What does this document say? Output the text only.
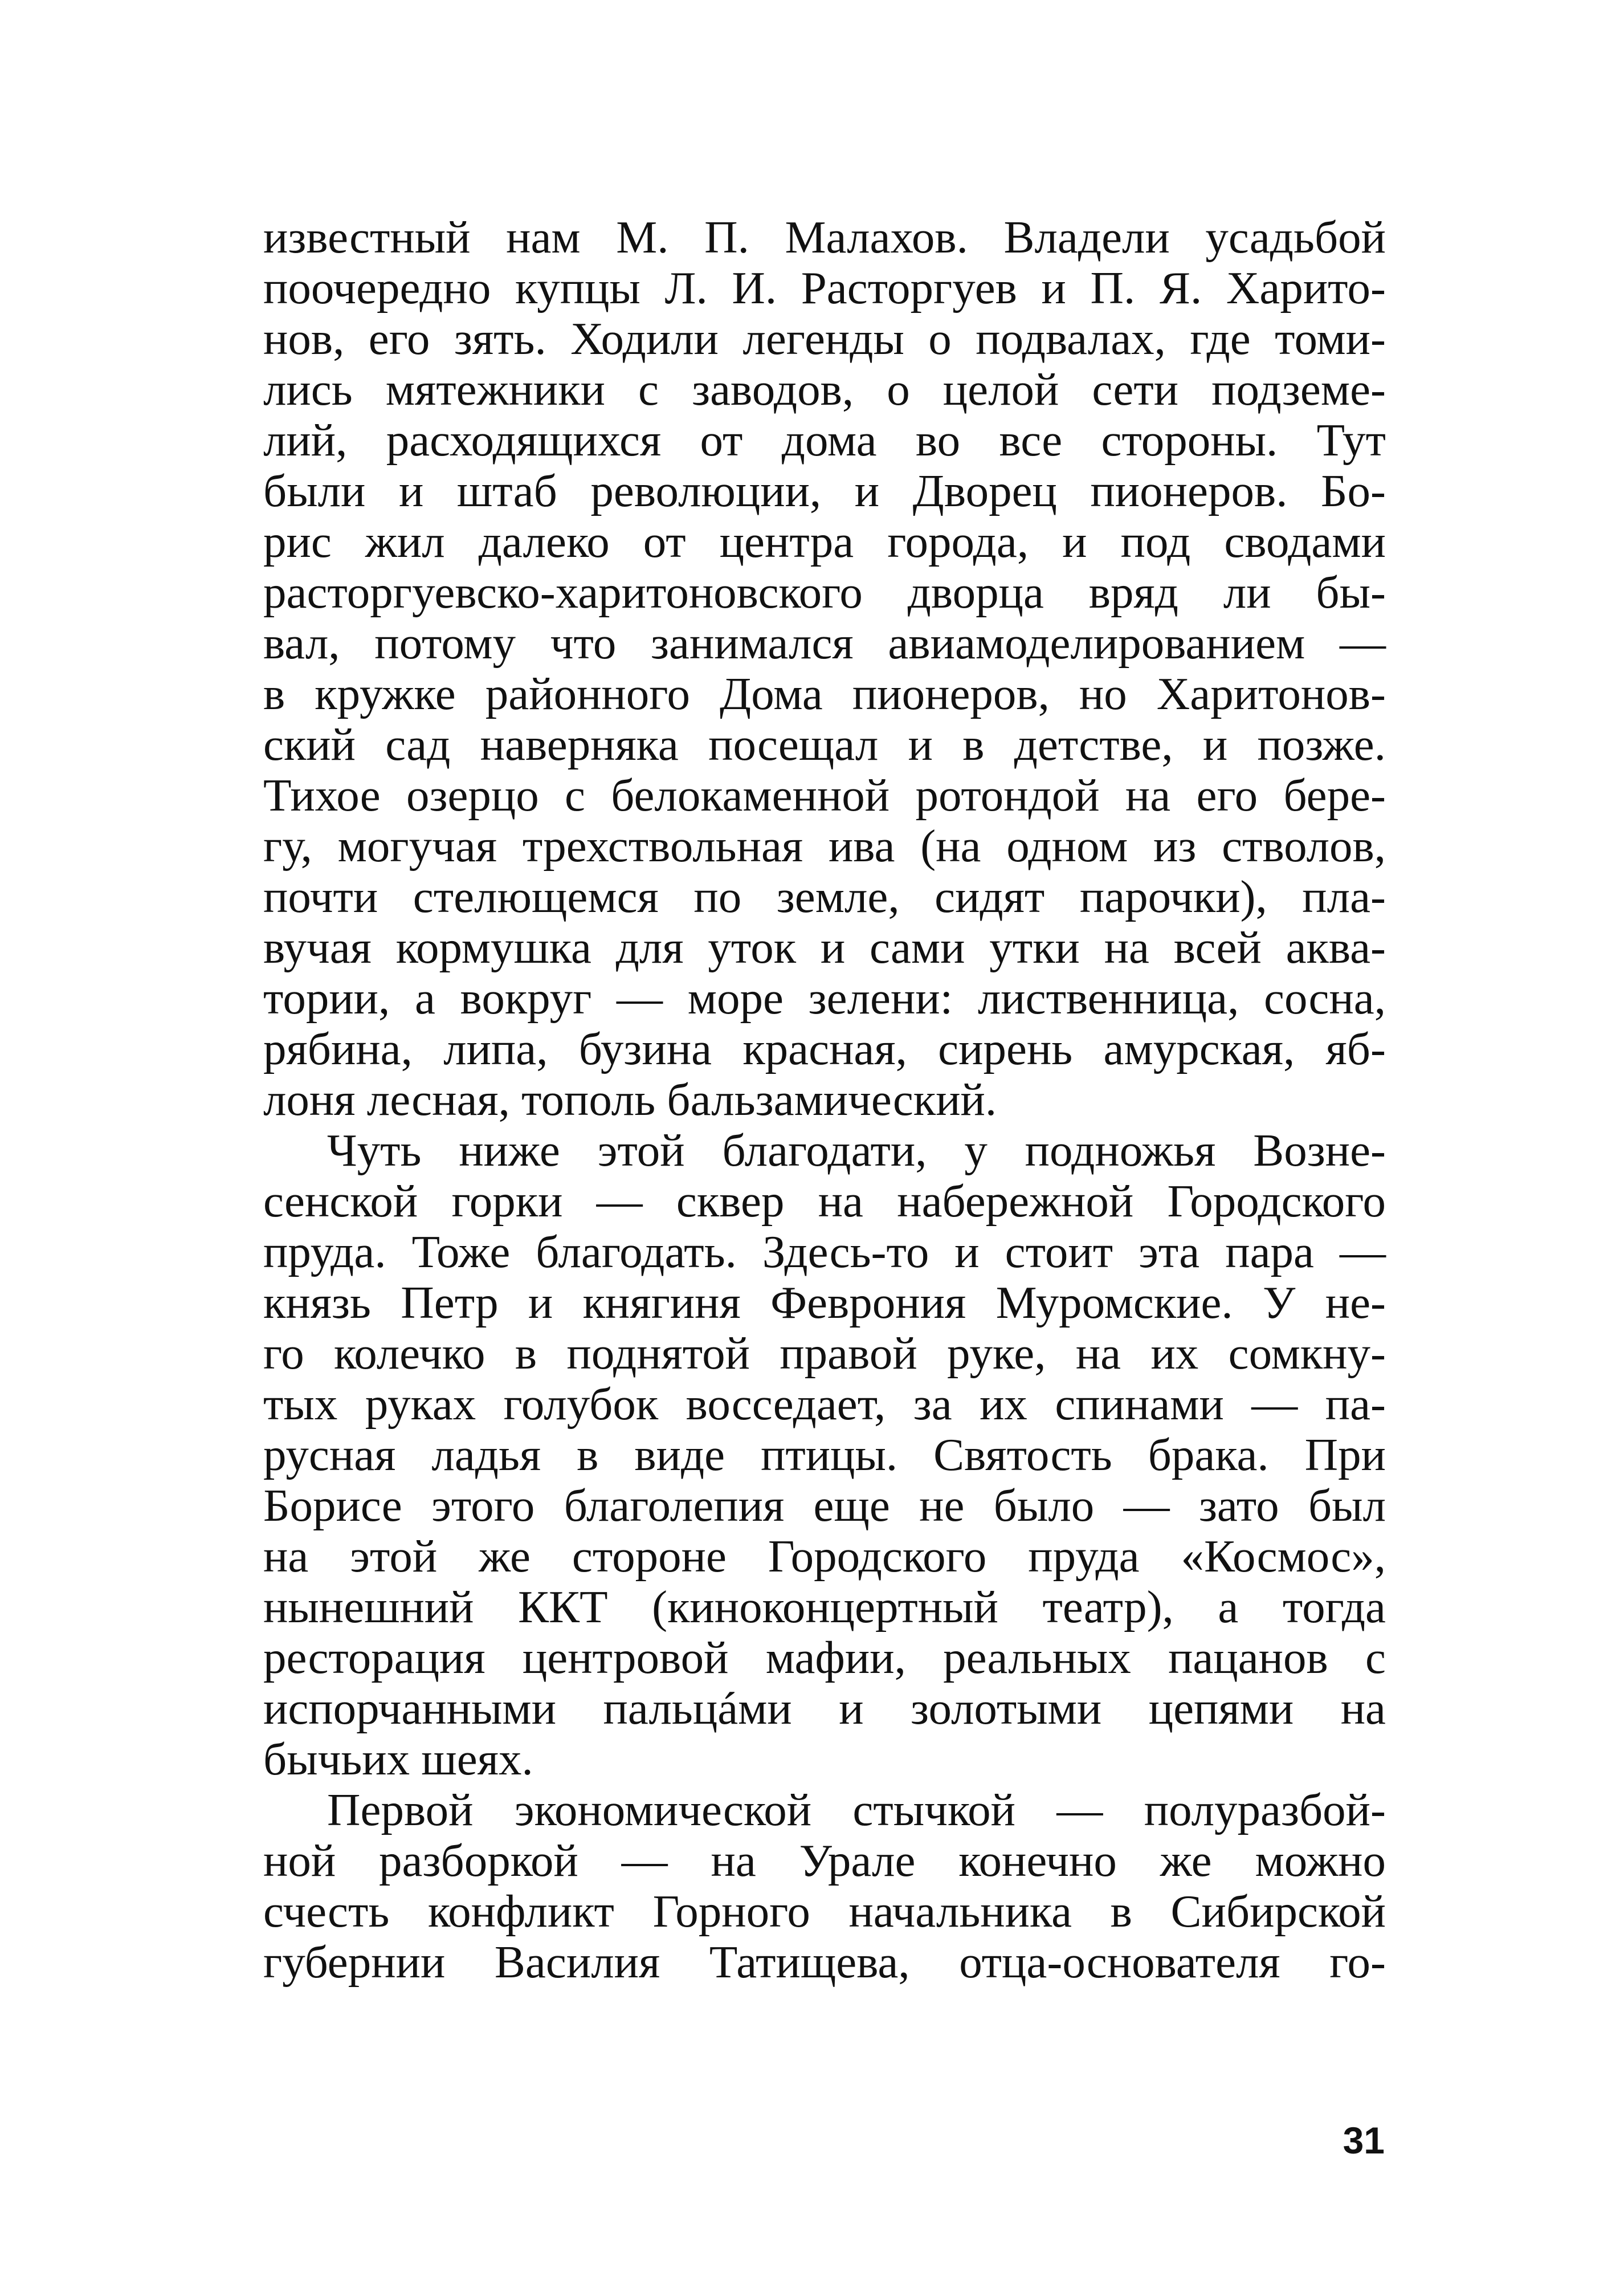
известный нам М. П. Малахов. Владели усадьбой
поочередно купцы Л. И. Расторгуев и П. Я. Харито-
нов, его зять. Ходили легенды о подвалах, где томи-
лись мятежники с заводов, о целой сети подземе-
лий, расходящихся от дома во все стороны. Тут
были и штаб революции, и Дворец пионеров. Бо-
рис жил далеко от центра города, и под сводами
расторгуевско-харитоновского дворца вряд ли бы-
вал, потому что занимался авиамоделированием —
в кружке районного Дома пионеров, но Харитонов-
ский сад наверняка посещал и в детстве, и позже.
Тихое озерцо с белокаменной ротондой на его бере-
гу, могучая трехствольная ива (на одном из стволов,
почти стелющемся по земле, сидят парочки), пла-
вучая кормушка для уток и сами утки на всей аква-
тории, а вокруг — море зелени: лиственница, сосна,
рябина, липа, бузина красная, сирень амурская, яб-
лоня лесная, тополь бальзамический.
Чуть ниже этой благодати, у подножья Возне-
сенской горки — сквер на набережной Городского
пруда. Тоже благодать. Здесь-то и стоит эта пара —
князь Петр и княгиня Феврония Муромские. У не-
го колечко в поднятой правой руке, на их сомкну-
тых руках голубок восседает, за их спинами — па-
русная ладья в виде птицы. Святость брака. При
Борисе этого благолепия еще не было — зато был
на этой же стороне Городского пруда «Космос»,
нынешний ККТ (киноконцертный театр), а тогда
ресторация центровой мафии, реальных пацанов с
испорчанными пальцáми и золотыми цепями на
бычьих шеях.
Первой экономической стычкой — полуразбой-
ной разборкой — на Урале конечно же можно
счесть конфликт Горного начальника в Сибирской
губернии Василия Татищева, отца-основателя го-
31
